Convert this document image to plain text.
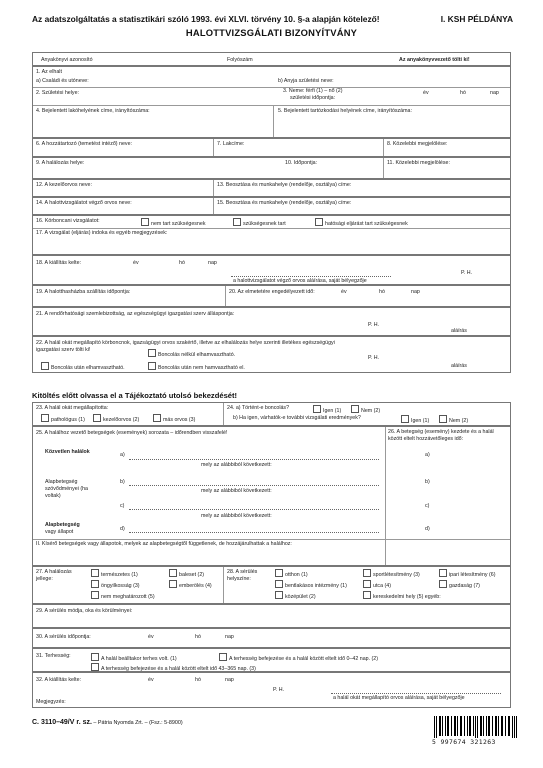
Az adatszolgáltatás a statisztikári szóló 1993. évi XLVI. törvény 10. §-a alapján kötelező!	I. KSH PÉLDÁNYA
HALOTTVIZSGÁLATI BIZONYÍTVÁNY
Anyakönyvi azonosító	Folyószám	Az anyakönyvvezető tölti ki!
1. Az elhalt
a) Családi és utóneve:	b) Anyja születési neve:
2. Születési helye:	3. Neme: férfi (1) – nő (2)
születési időpontja:
év	hó	nap
4. Bejelentett lakóhelyének címe, irányítószáma:	5. Bejelentett tartózkodási helyének címe, irányítószáma:
6. A hozzátartozó (temetést intéző) neve:	7. Lakcíme:	8. Közelebbi megjelölése:
9. A halálozás helye:	10. Időpontja:	11. Közelebbi megjelölése:
12. A kezelőorvos neve:	13. Beosztása és munkahelye (rendelője, osztálya) címe:
14. A halottvizsgálatot végző orvos neve:	15. Beosztása és munkahelye (rendelője, osztálya) címe:
16. Körboncani vizsgálatot:	nem tart szükségesnek	szükségesnek tart	hatósági eljárást tart szükségesnek
17. A vizsgálat (eljárás) indoka és egyéb megjegyzések:
18. A kiállítás kelte:	év	hó	nap
a halottvizsgálatot végző orvos aláírása, saját bélyegzője
P. H.
19. A halotthasházba szállítás időpontja:	20. Az elmetetére engedélyezett idő:	év	hó	nap
21. A rendőrhatósági szemlebizottság, az egészségügyi igazgatási szerv álláspontja:
P. H.
aláírás
22. A halál okát megállapító körboncnok, igazságügyi orvos szakértő, illetve az elhalálozás helye szerinti illetékes egészségügyi igazgatási szerv tölti ki!
Boncolás nélkül elhamvasztható.
Boncolás után elhamvasztható.	Boncolás után nem hamvasztható el.
P. H.
aláírás
Kitöltés előtt olvassa el a Tájékoztató utolsó bekezdését!
23. A halál okát megállapította:
pathológus (1)	kezelőorvos (2)	más orvos (3)
24. a) Történt-e boncolás?	Igen (1)	Nem (2)
b) Ha igen, várhatók-e további vizsgálati eredmények?	Igen (1)	Nem (2)
25. A halálhoz vezető betegségek (események) sorozata – időrendben visszafelé!	26. A betegség (esemény) kezdete és a halál között eltelt hozzávetőleges idő:
Közvetlen halálok	a)	a)
mely az alábbiból következett:
Alapbetegség szövődményei (ha voltak)
b)	b)
mely az alábbiból következett:
c)	c)
mely az alábbiból következett:
Alapbetegség
vagy állapot	d)	d)
II. Kísérő betegségek vagy állapotok, melyek az alapbetegségtől függetlenek, de hozzájárulhattak a halálhoz:
27. A halálozás jellege:
természetes (1)	baleset (2)
öngyilkosság (3)	emberölés (4)
nem meghatározott (5)
28. A sérülés helyszíne:
otthon (1)
bentlakásos intézmény (1)
középület (2)
sportlétesítmény (3)
utca (4)
kereskedelmi hely (5) egyéb:
ipari létesítmény (6)
gazdaság (7)
29. A sérülés módja, oka és körülményei:
30. A sérülés időpontja:	év	hó	nap
31. Terhesség:	A halál beálltakor terhes volt. (1)	A terhesség befejezése és a halál között eltelt idő 0–42 nap. (2)
A terhesség befejezése és a halál között eltelt idő 43–365 nap. (3)
32. A kiállítás kelte:	év	hó	nap
P. H.
a halál okát megállapító orvos aláírása, saját bélyegzője
Megjegyzés:
C. 3110–49/V r. sz. – Pátria Nyomda Zrt. – (Fsz.: 5-8900)
5 997674 321263
